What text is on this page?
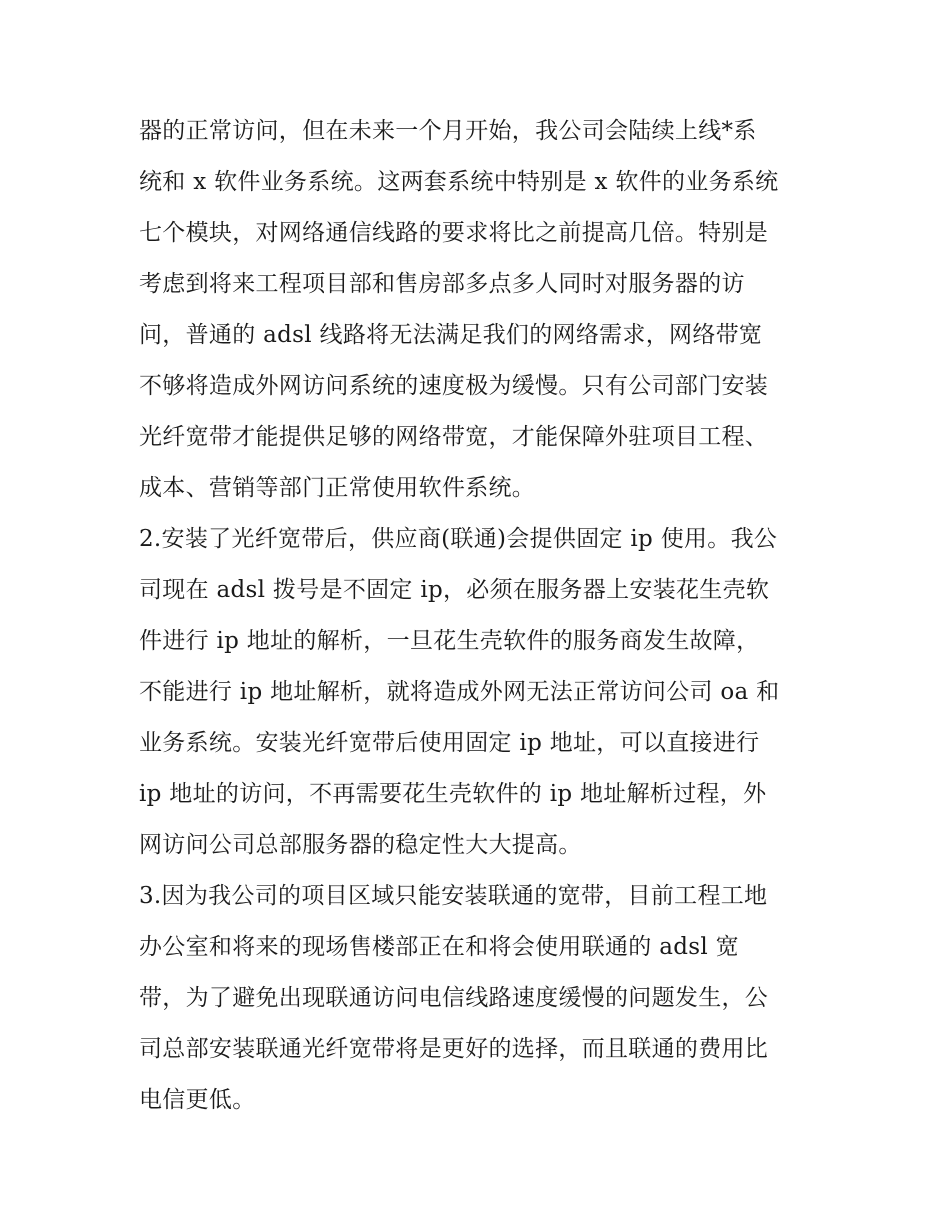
器的正常访问，但在未来一个月开始，我公司会陆续上线*系
统和 x 软件业务系统。这两套系统中特别是 x 软件的业务系统
七个模块，对网络通信线路的要求将比之前提高几倍。特别是
考虑到将来工程项目部和售房部多点多人同时对服务器的访
问，普通的 adsl 线路将无法满足我们的网络需求，网络带宽
不够将造成外网访问系统的速度极为缓慢。只有公司部门安装
光纤宽带才能提供足够的网络带宽，才能保障外驻项目工程、
成本、营销等部门正常使用软件系统。
2.安装了光纤宽带后，供应商(联通)会提供固定 ip 使用。我公
司现在 adsl 拨号是不固定 ip，必须在服务器上安装花生壳软
件进行 ip 地址的解析，一旦花生壳软件的服务商发生故障，
不能进行 ip 地址解析，就将造成外网无法正常访问公司 oa 和
业务系统。安装光纤宽带后使用固定 ip 地址，可以直接进行
ip 地址的访问，不再需要花生壳软件的 ip 地址解析过程，外
网访问公司总部服务器的稳定性大大提高。
3.因为我公司的项目区域只能安装联通的宽带，目前工程工地
办公室和将来的现场售楼部正在和将会使用联通的 adsl 宽
带，为了避免出现联通访问电信线路速度缓慢的问题发生，公
司总部安装联通光纤宽带将是更好的选择，而且联通的费用比
电信更低。
